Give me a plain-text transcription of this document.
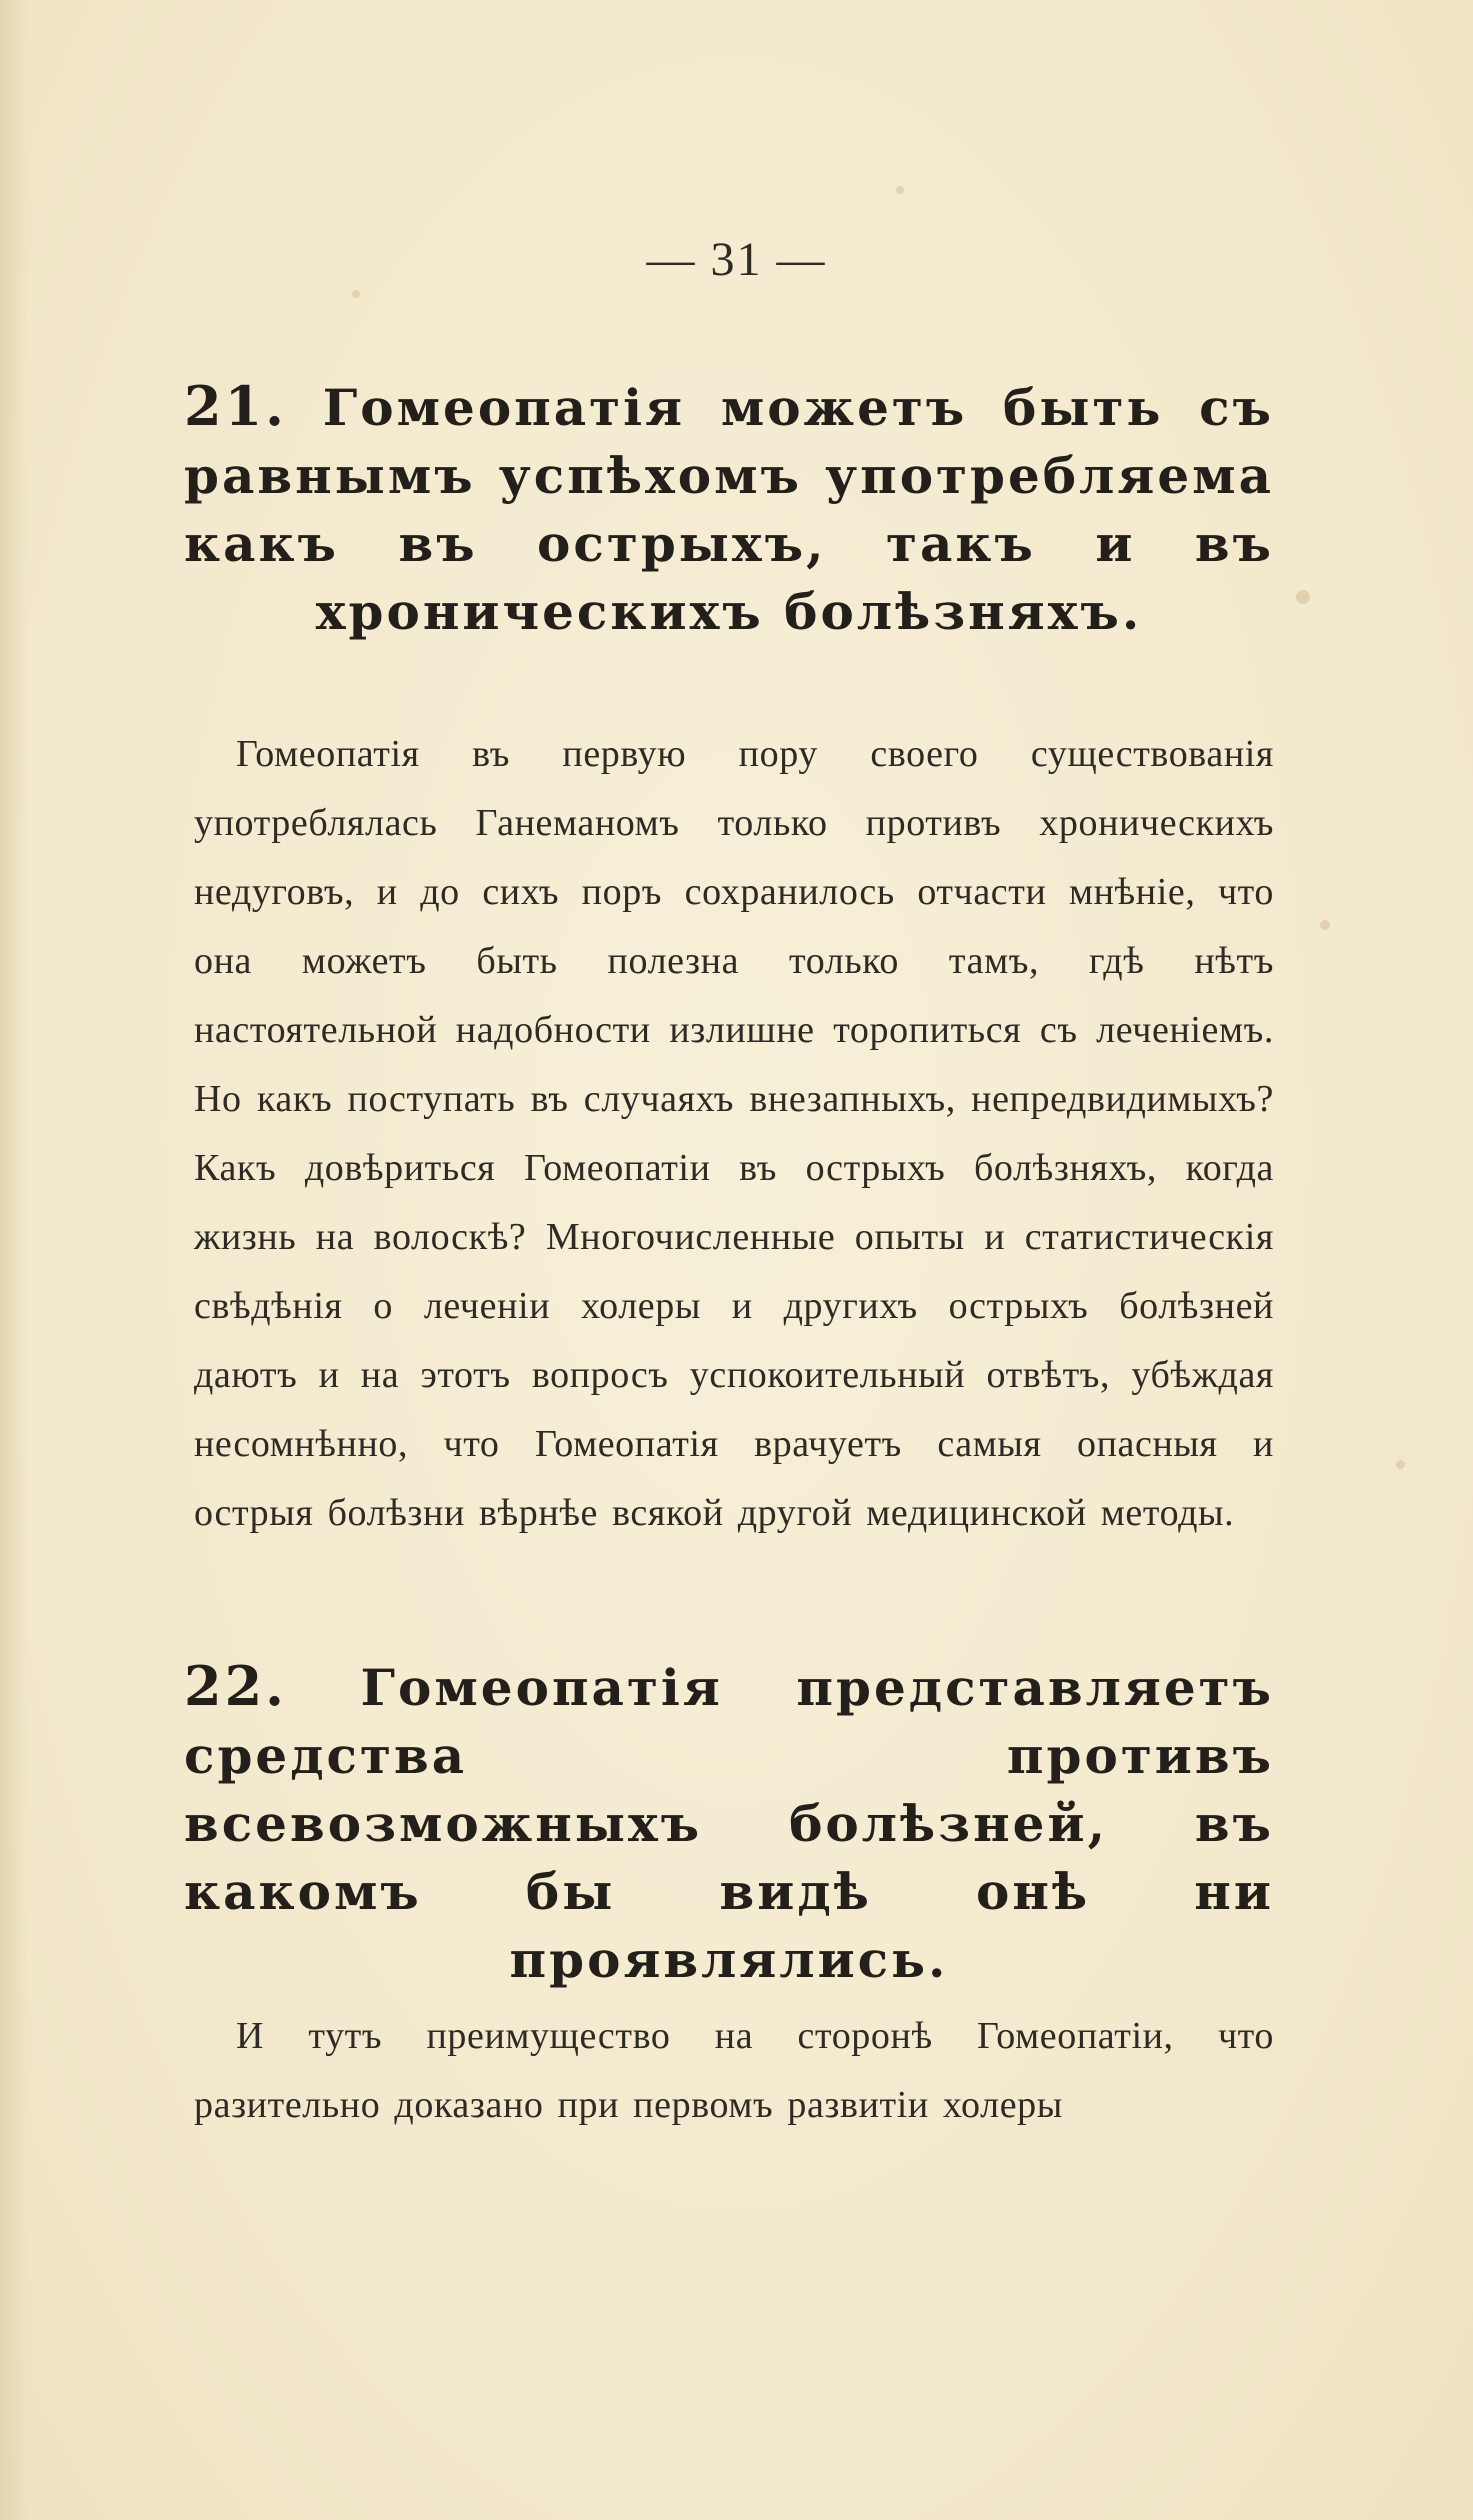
— 31 —
21. Гомеопатія можетъ быть съ равнымъ успѣхомъ употребляема какъ въ острыхъ, такъ и въ хроническихъ болѣзняхъ.
Гомеопатія въ первую пору своего существованія употреблялась Ганеманомъ только противъ хроническихъ недуговъ, и до сихъ поръ сохранилось отчасти мнѣніе, что она можетъ быть полезна только тамъ, гдѣ нѣтъ настоятельной надобности излишне торопиться съ леченіемъ. Но какъ поступать въ случаяхъ внезапныхъ, непредвидимыхъ? Какъ довѣриться Гомеопатіи въ острыхъ болѣзняхъ, когда жизнь на волоскѣ? Многочисленные опыты и статистическія свѣдѣнія о леченіи холеры и другихъ острыхъ болѣзней даютъ и на этотъ вопросъ успокоительный отвѣтъ, убѣждая несомнѣнно, что Гомеопатія врачуетъ самыя опасныя и острыя болѣзни вѣрнѣе всякой другой медицинской методы.
22. Гомеопатія представляетъ средства противъ всевозможныхъ болѣзней, въ какомъ бы видѣ онѣ ни проявлялись.
И тутъ преимущество на сторонѣ Гомеопатіи, что разительно доказано при первомъ развитіи холеры
